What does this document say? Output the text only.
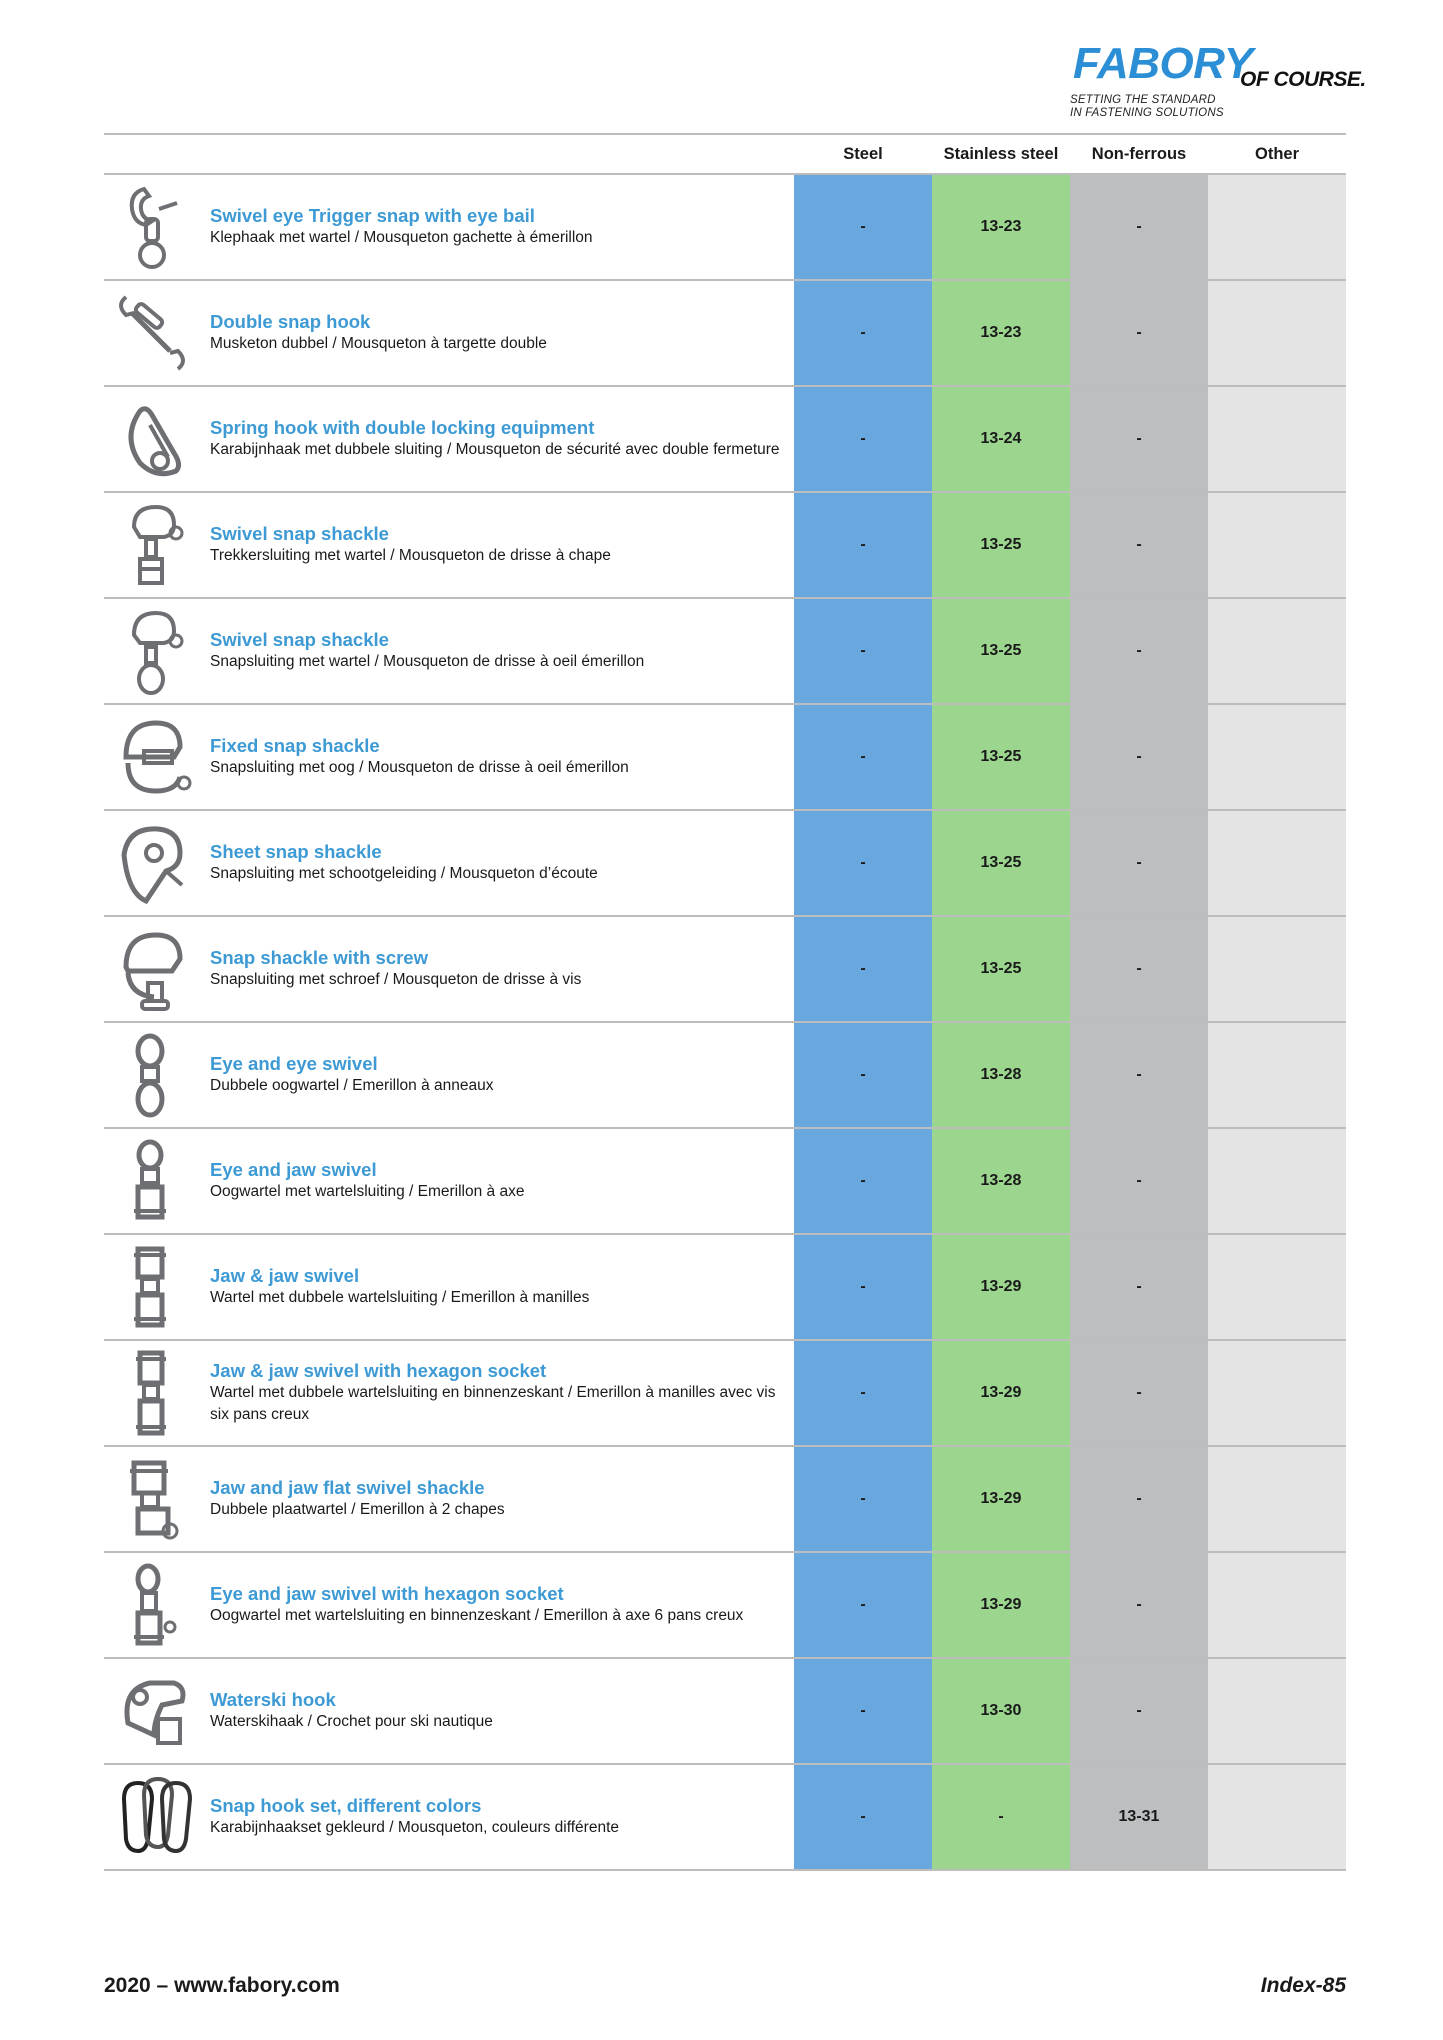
FABORY
OF COURSE.
SETTING THE STANDARD
IN FASTENING SOLUTIONS
Steel	Stainless steel	Non-ferrous	Other
Swivel eye Trigger snap with eye bail
Klephaak met wartel / Mousqueton gachette à émerillon
-	13-23	-
Double snap hook
Musketon dubbel / Mousqueton à targette double
-	13-23	-
Spring hook with double locking equipment
Karabijnhaak met dubbele sluiting / Mousqueton de sécurité avec double fermeture
-	13-24	-
Swivel snap shackle
Trekkersluiting met wartel / Mousqueton de drisse à chape
-	13-25	-
Swivel snap shackle
Snapsluiting met wartel / Mousqueton de drisse à oeil émerillon
-	13-25	-
Fixed snap shackle
Snapsluiting met oog / Mousqueton de drisse à oeil émerillon
-	13-25	-
Sheet snap shackle
Snapsluiting met schootgeleiding / Mousqueton d’écoute
-	13-25	-
Snap shackle with screw
Snapsluiting met schroef / Mousqueton de drisse à vis
-	13-25	-
Eye and eye swivel
Dubbele oogwartel / Emerillon à anneaux
-	13-28	-
Eye and jaw swivel
Oogwartel met wartelsluiting / Emerillon à axe
-	13-28	-
Jaw & jaw swivel
Wartel met dubbele wartelsluiting / Emerillon à manilles
-	13-29	-
Jaw & jaw swivel with hexagon socket
Wartel met dubbele wartelsluiting en binnenzeskant / Emerillon à manilles avec vis six pans creux
-	13-29	-
Jaw and jaw flat swivel shackle
Dubbele plaatwartel / Emerillon à 2 chapes
-	13-29	-
Eye and jaw swivel with hexagon socket
Oogwartel met wartelsluiting en binnenzeskant / Emerillon à axe 6 pans creux
-	13-29	-
Waterski hook
Waterskihaak / Crochet pour ski nautique
-	13-30	-
Snap hook set, different colors
Karabijnhaakset gekleurd / Mousqueton, couleurs différente
-	-	13-31
2020 – www.fabory.com	Index-85
